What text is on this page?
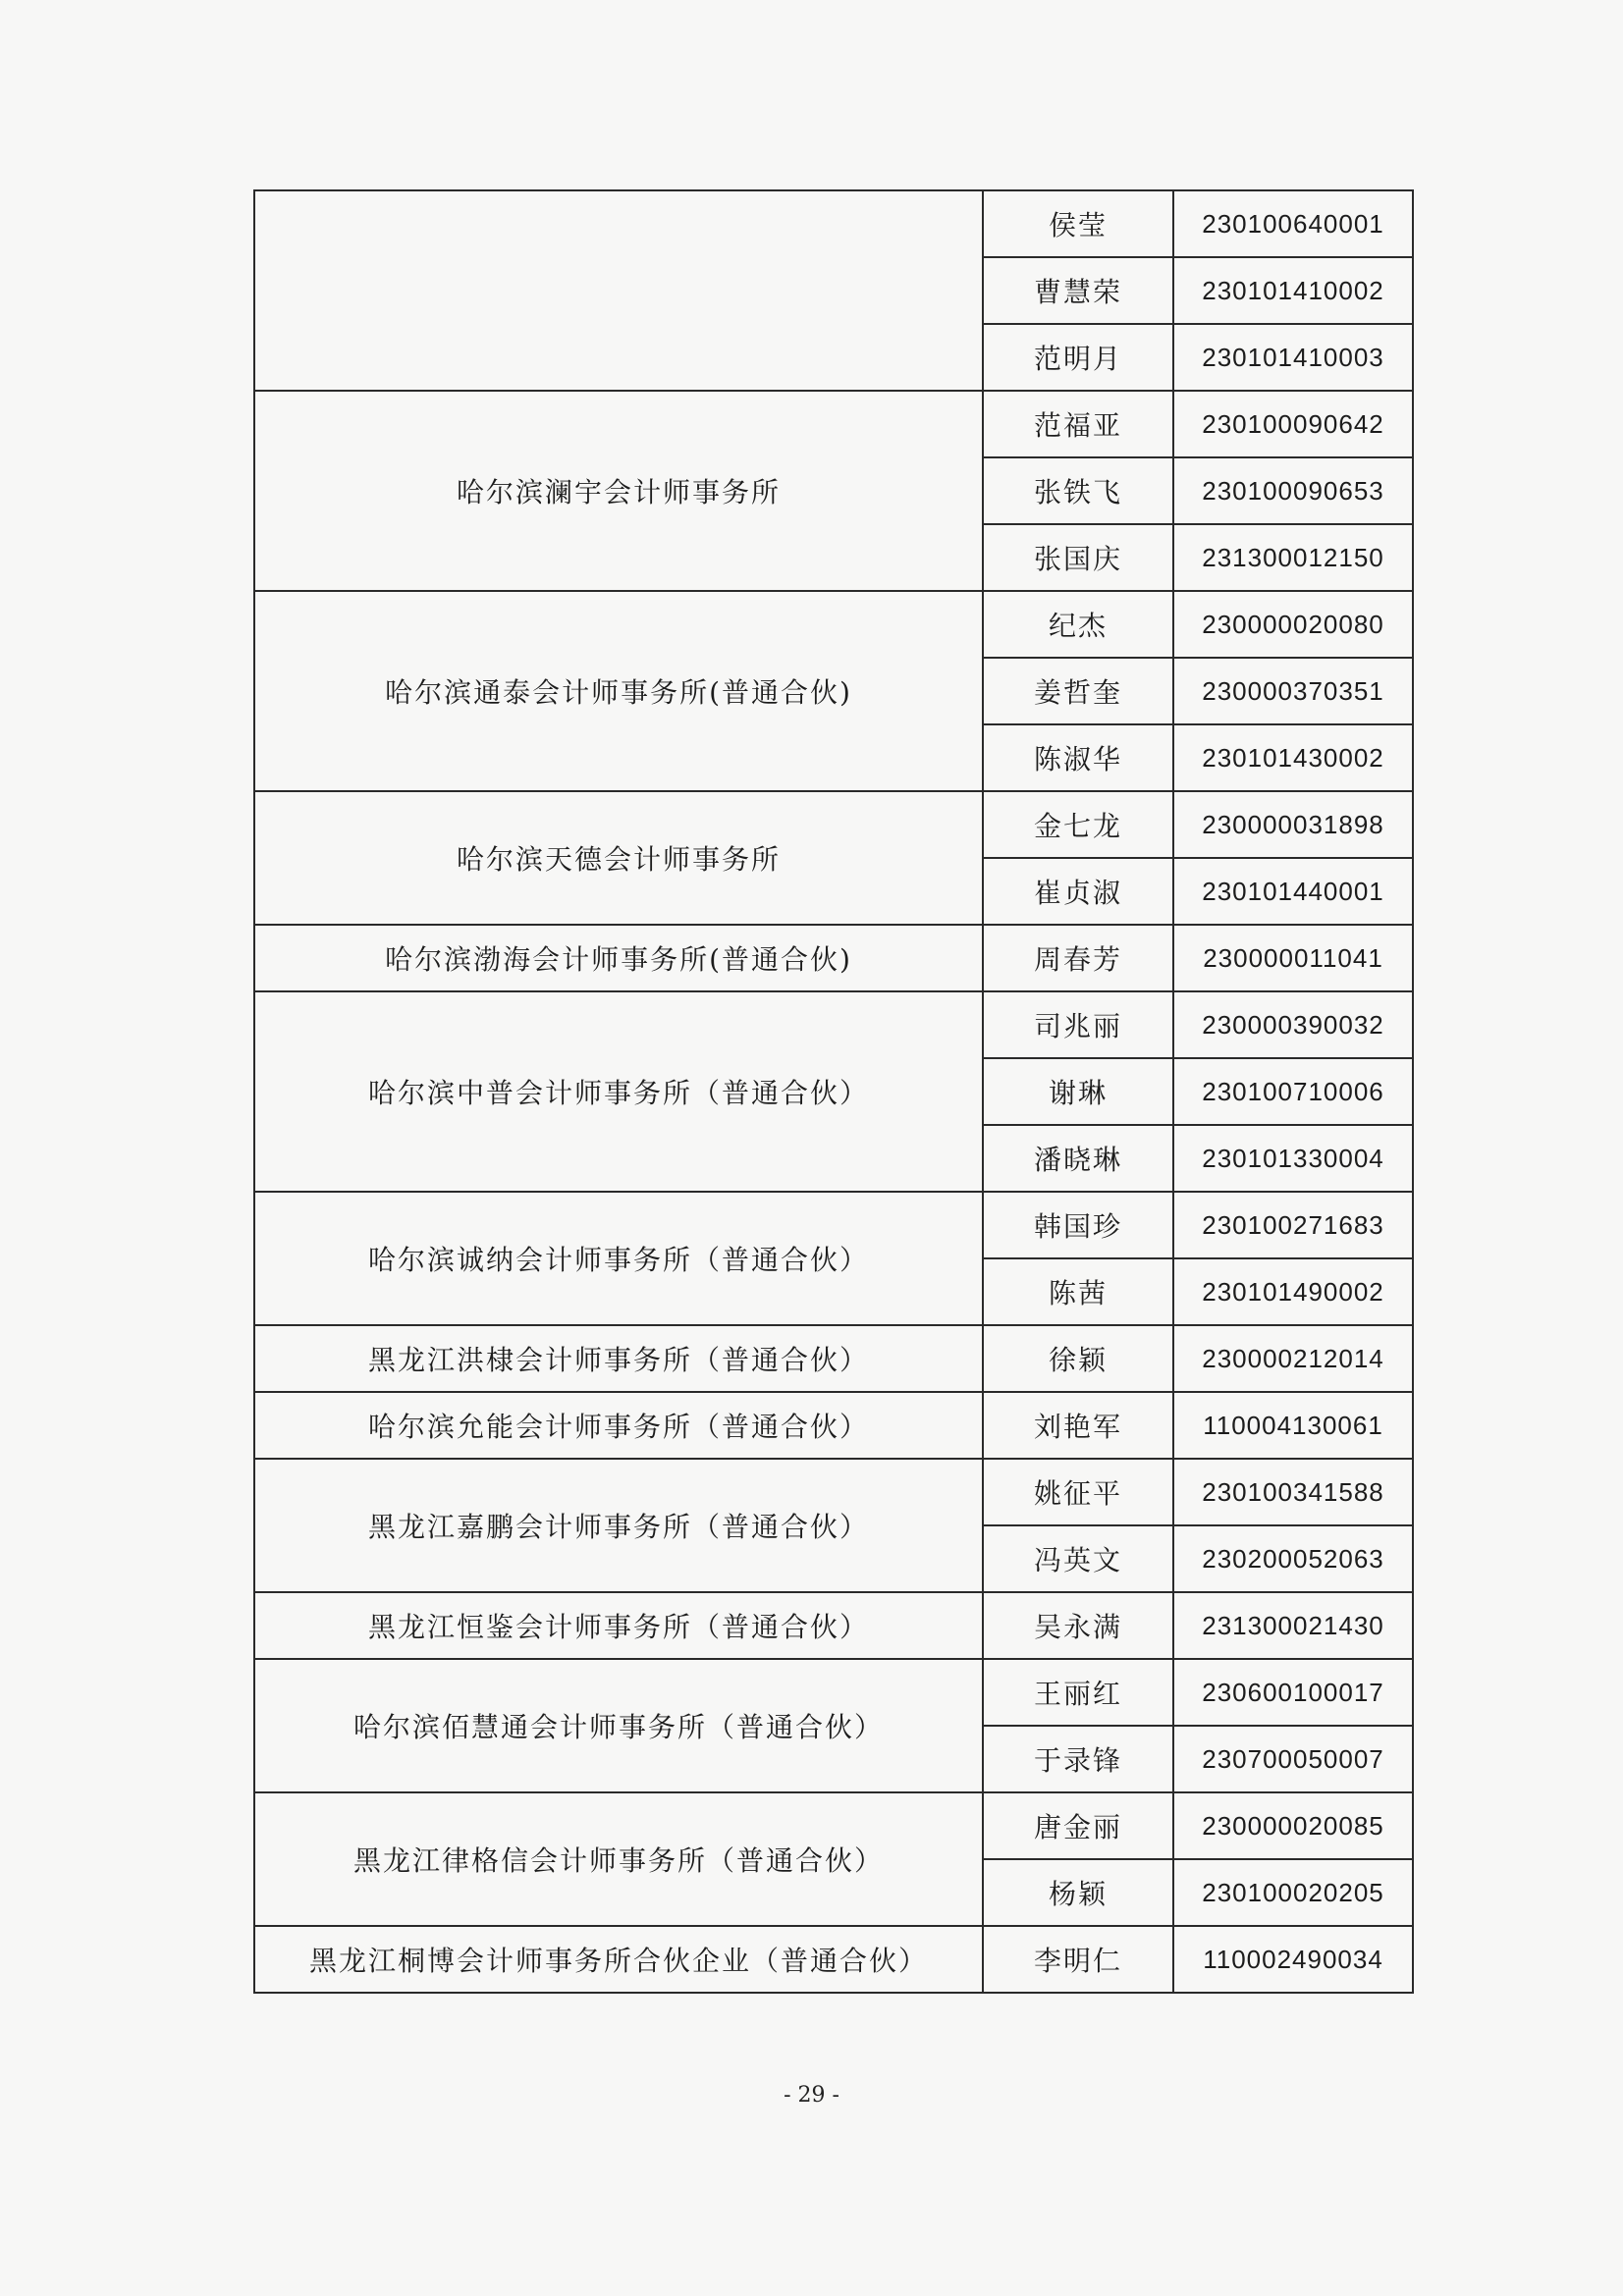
	侯莹	230100640001
	曹慧荣	230101410002
	范明月	230101410003
哈尔滨澜宇会计师事务所	范福亚	230100090642
	张铁飞	230100090653
	张国庆	231300012150
哈尔滨通泰会计师事务所(普通合伙)	纪杰	230000020080
	姜哲奎	230000370351
	陈淑华	230101430002
哈尔滨天德会计师事务所	金七龙	230000031898
	崔贞淑	230101440001
哈尔滨渤海会计师事务所(普通合伙)	周春芳	230000011041
哈尔滨中普会计师事务所（普通合伙）	司兆丽	230000390032
	谢琳	230100710006
	潘晓琳	230101330004
哈尔滨诚纳会计师事务所（普通合伙）	韩国珍	230100271683
	陈茜	230101490002
黑龙江洪棣会计师事务所（普通合伙）	徐颖	230000212014
哈尔滨允能会计师事务所（普通合伙）	刘艳军	110004130061
黑龙江嘉鹏会计师事务所（普通合伙）	姚征平	230100341588
	冯英文	230200052063
黑龙江恒鉴会计师事务所（普通合伙）	吴永满	231300021430
哈尔滨佰慧通会计师事务所（普通合伙）	王丽红	230600100017
	于录锋	230700050007
黑龙江律格信会计师事务所（普通合伙）	唐金丽	230000020085
	杨颖	230100020205
黑龙江桐博会计师事务所合伙企业（普通合伙）	李明仁	110002490034
- 29 -
